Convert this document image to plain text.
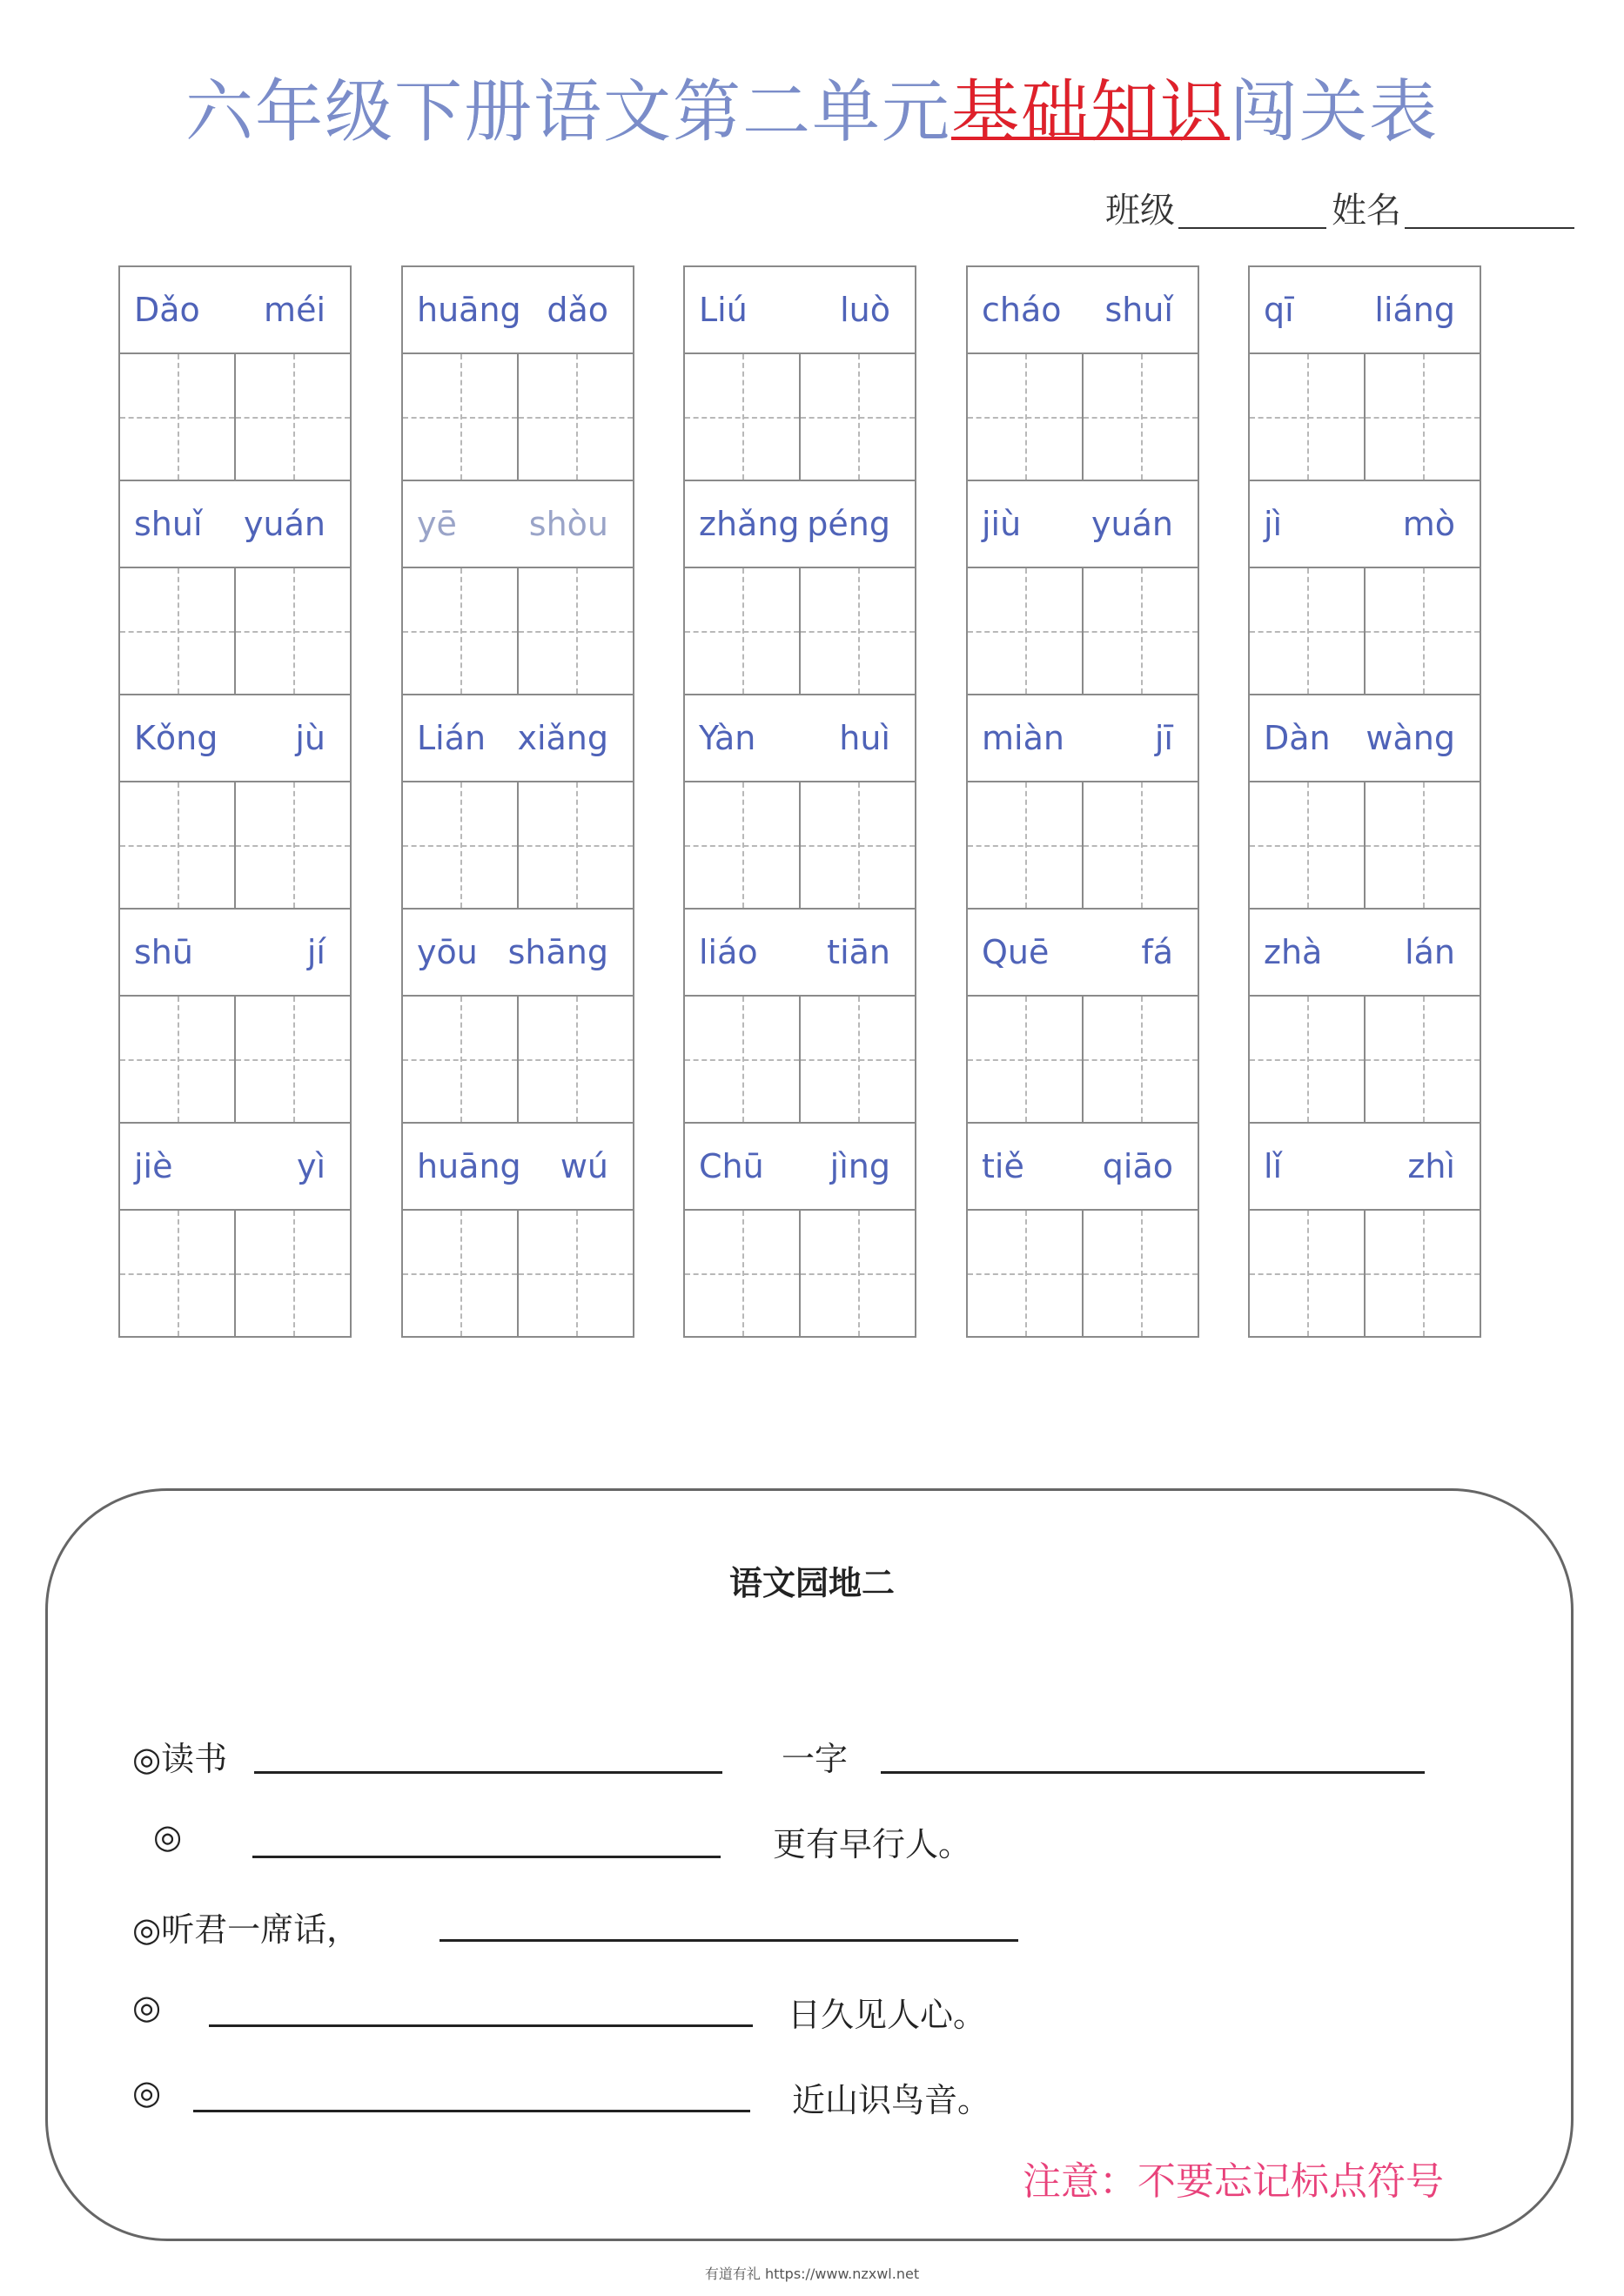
六年级下册语文第二单元基础知识闯关表
班级	姓名
Dǎo méi
shuǐ yuán
Kǒng jù
shū	jí
jiè	yì
huāng dǎo
yē shòu
Lián xiǎng
yōu shāng
huāng wú
Liú	luò
zhǎng péng
Yàn	huì
liáo tiān
Chū jìng
cháo shuǐ
jiù yuán
miàn	jī
Quē	fá
tiě qiāo
qī liáng
jì	mò
Dàn wàng
zhà lán
lǐ	zhì
语文园地二
◎读书	一字
◎	更有早行人。
◎听君一席话，
◎	日久见人心。
◎	近山识鸟音。
注意：不要忘记标点符号
有道有礼 https://www.nzxwl.net
